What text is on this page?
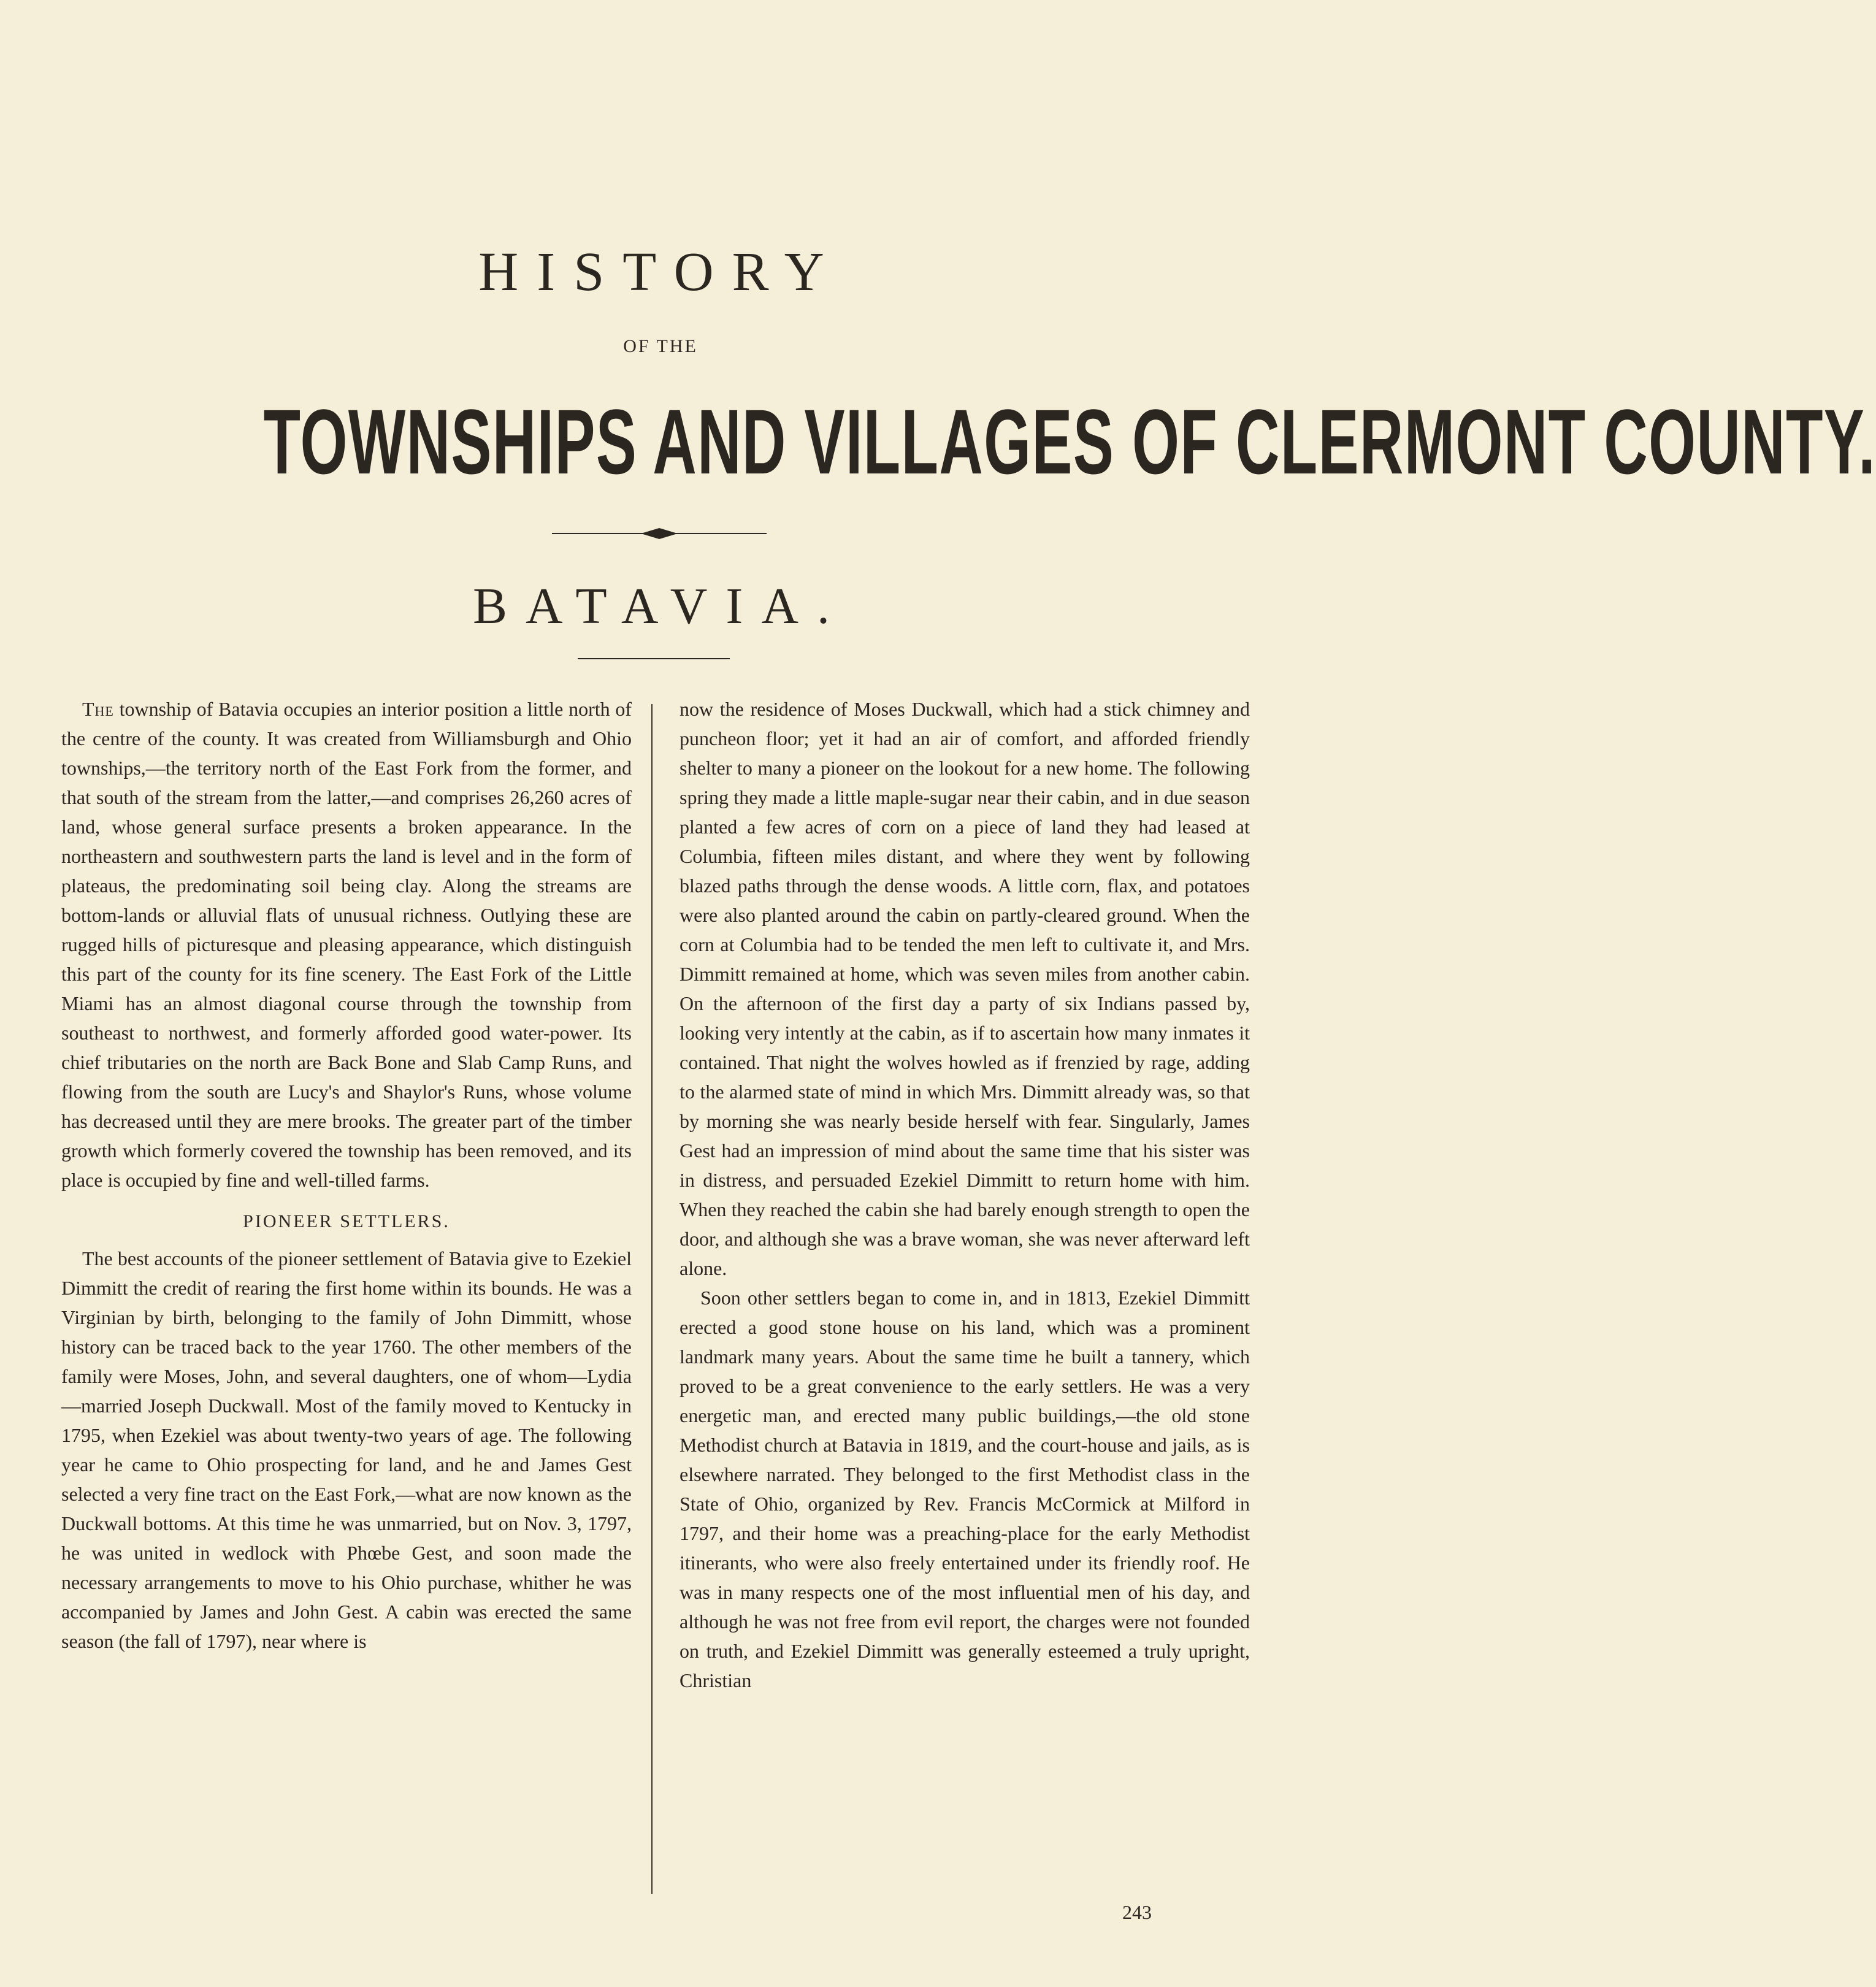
HISTORY
OF THE
TOWNSHIPS AND VILLAGES OF CLERMONT COUNTY.
BATAVIA.

The township of Batavia occupies an interior position a little north of the centre of the county. It was created from Williamsburgh and Ohio townships,—the territory north of the East Fork from the former, and that south of the stream from the latter,—and comprises 26,260 acres of land, whose general surface presents a broken appearance. In the northeastern and southwestern parts the land is level and in the form of plateaus, the predominating soil being clay. Along the streams are bottom-lands or alluvial flats of unusual richness. Outlying these are rugged hills of picturesque and pleasing appearance, which distinguish this part of the county for its fine scenery. The East Fork of the Little Miami has an almost diagonal course through the township from southeast to northwest, and formerly afforded good water-power. Its chief tributaries on the north are Back Bone and Slab Camp Runs, and flowing from the south are Lucy's and Shaylor's Runs, whose volume has decreased until they are mere brooks. The greater part of the timber growth which formerly covered the township has been removed, and its place is occupied by fine and well-tilled farms.

PIONEER SETTLERS.

The best accounts of the pioneer settlement of Batavia give to Ezekiel Dimmitt the credit of rearing the first home within its bounds. He was a Virginian by birth, belonging to the family of John Dimmitt, whose history can be traced back to the year 1760. The other members of the family were Moses, John, and several daughters, one of whom—Lydia—married Joseph Duckwall. Most of the family moved to Kentucky in 1795, when Ezekiel was about twenty-two years of age. The following year he came to Ohio prospecting for land, and he and James Gest selected a very fine tract on the East Fork,—what are now known as the Duckwall bottoms. At this time he was unmarried, but on Nov. 3, 1797, he was united in wedlock with Phœbe Gest, and soon made the necessary arrangements to move to his Ohio purchase, whither he was accompanied by James and John Gest. A cabin was erected the same season (the fall of 1797), near where is

now the residence of Moses Duckwall, which had a stick chimney and puncheon floor; yet it had an air of comfort, and afforded friendly shelter to many a pioneer on the lookout for a new home. The following spring they made a little maple-sugar near their cabin, and in due season planted a few acres of corn on a piece of land they had leased at Columbia, fifteen miles distant, and where they went by following blazed paths through the dense woods. A little corn, flax, and potatoes were also planted around the cabin on partly-cleared ground. When the corn at Columbia had to be tended the men left to cultivate it, and Mrs. Dimmitt remained at home, which was seven miles from another cabin. On the afternoon of the first day a party of six Indians passed by, looking very intently at the cabin, as if to ascertain how many inmates it contained. That night the wolves howled as if frenzied by rage, adding to the alarmed state of mind in which Mrs. Dimmitt already was, so that by morning she was nearly beside herself with fear. Singularly, James Gest had an impression of mind about the same time that his sister was in distress, and persuaded Ezekiel Dimmitt to return home with him. When they reached the cabin she had barely enough strength to open the door, and although she was a brave woman, she was never afterward left alone.

Soon other settlers began to come in, and in 1813, Ezekiel Dimmitt erected a good stone house on his land, which was a prominent landmark many years. About the same time he built a tannery, which proved to be a great convenience to the early settlers. He was a very energetic man, and erected many public buildings,—the old stone Methodist church at Batavia in 1819, and the court-house and jails, as is elsewhere narrated. They belonged to the first Methodist class in the State of Ohio, organized by Rev. Francis McCormick at Milford in 1797, and their home was a preaching-place for the early Methodist itinerants, who were also freely entertained under its friendly roof. He was in many respects one of the most influential men of his day, and although he was not free from evil report, the charges were not founded on truth, and Ezekiel Dimmitt was generally esteemed a truly upright, Christian

243
